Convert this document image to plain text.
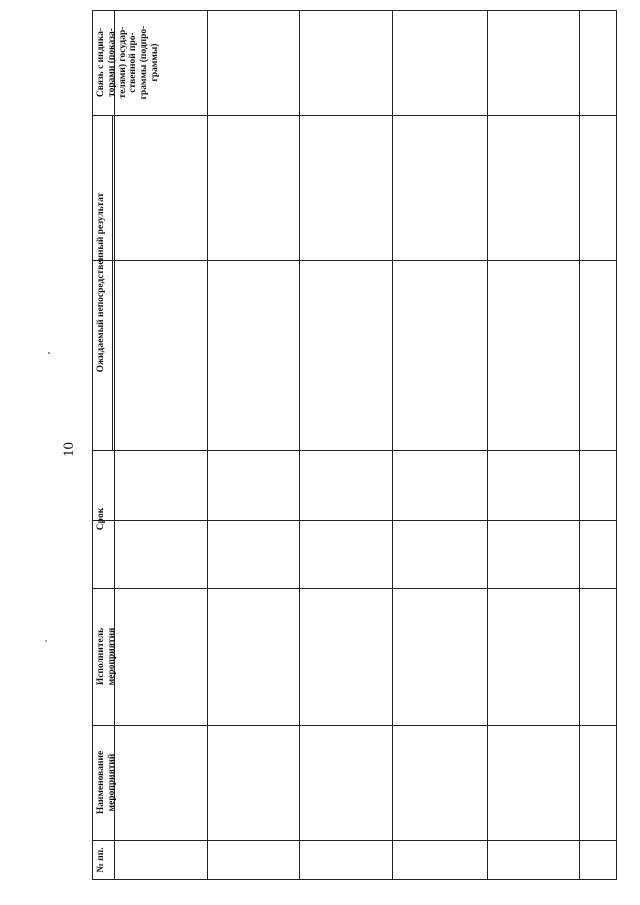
10
№ пп.
Наименование
мероприятий
Исполнитель
мероприятия
Срок
Ожидаемый непосредственный результат
Связь с индика-
торами (показа-
телями) государ-
ственной про-
граммы (подпро-
граммы)
